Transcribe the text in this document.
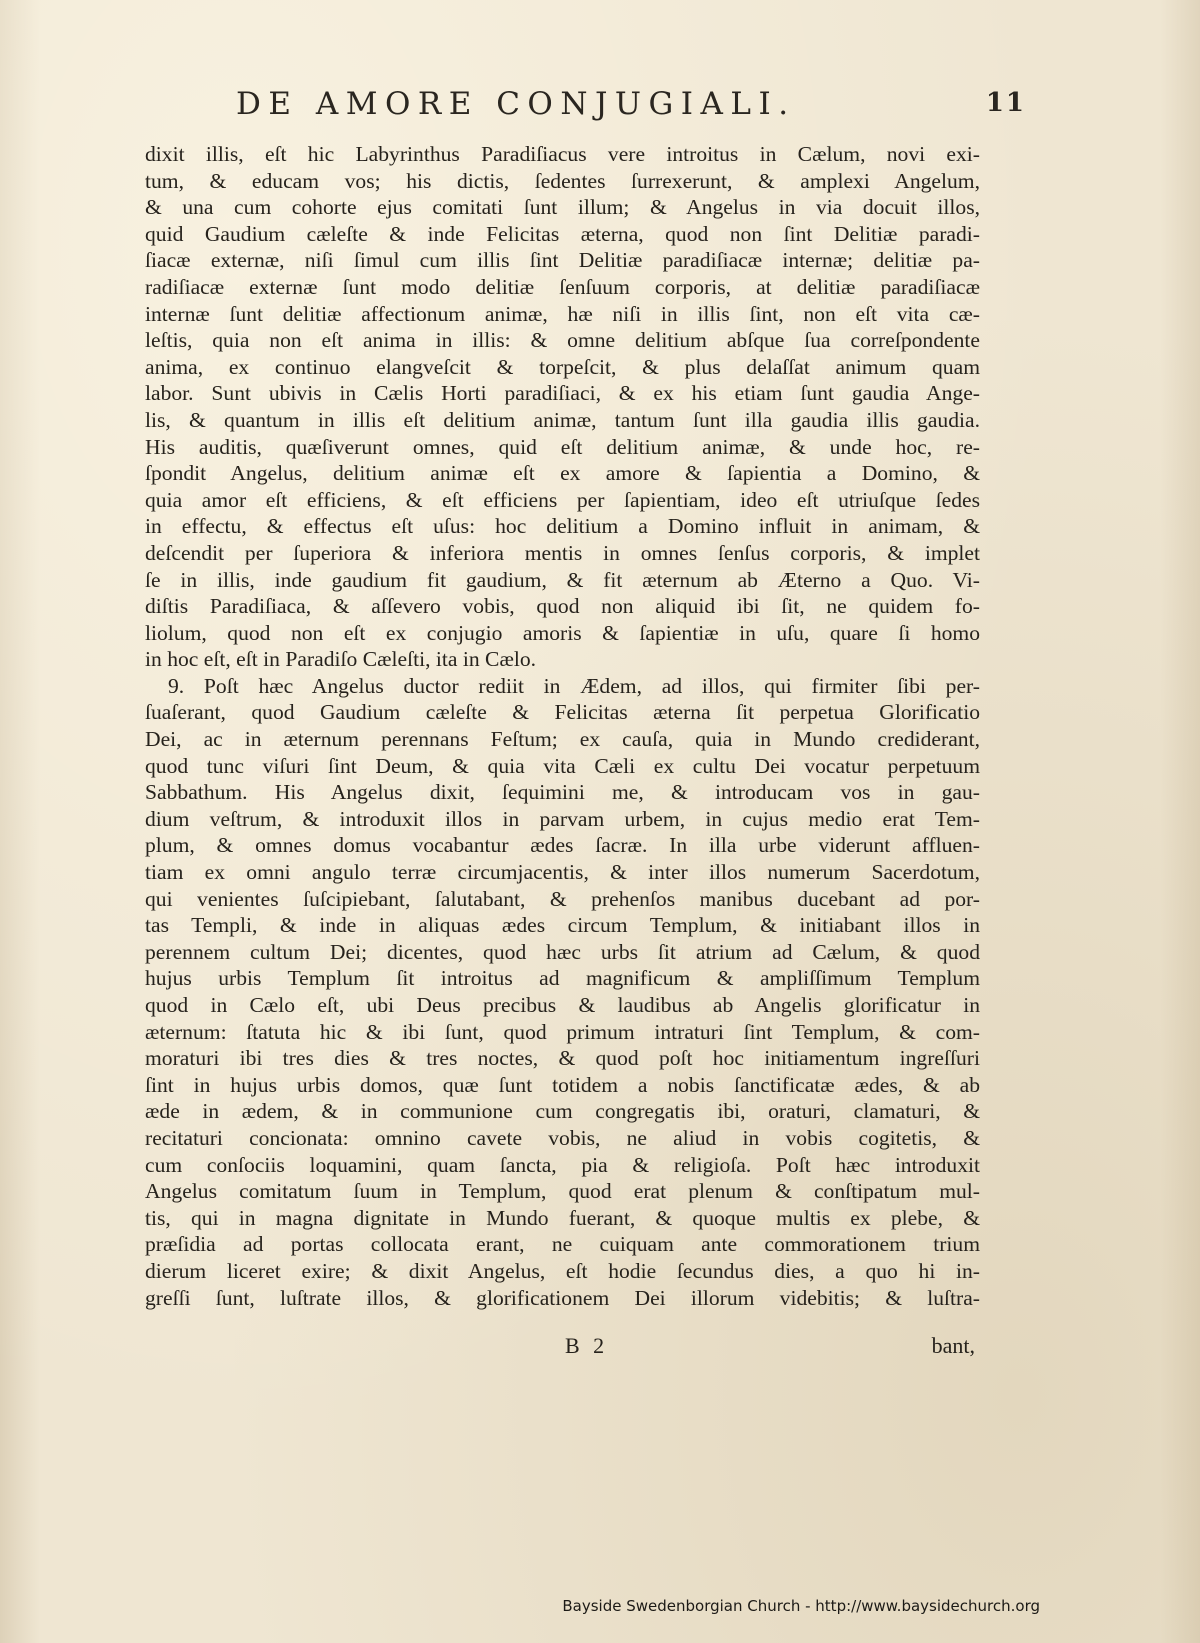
DE AMORE CONJUGIALI.	11
dixit illis, eſt hic Labyrinthus Paradiſiacus vere introitus in Cælum, novi exi-
tum, & educam vos; his dictis, ſedentes ſurrexerunt, & amplexi Angelum,
& una cum cohorte ejus comitati ſunt illum; & Angelus in via docuit illos,
quid Gaudium cæleſte & inde Felicitas æterna, quod non ſint Delitiæ paradi-
ſiacæ externæ, niſi ſimul cum illis ſint Delitiæ paradiſiacæ internæ; delitiæ pa-
radiſiacæ externæ ſunt modo delitiæ ſenſuum corporis, at delitiæ paradiſiacæ
internæ ſunt delitiæ affectionum animæ, hæ niſi in illis ſint, non eſt vita cæ-
leſtis, quia non eſt anima in illis: & omne delitium abſque ſua correſpondente
anima, ex continuo elangveſcit & torpeſcit, & plus delaſſat animum quam
labor. Sunt ubivis in Cælis Horti paradiſiaci, & ex his etiam ſunt gaudia Ange-
lis, & quantum in illis eſt delitium animæ, tantum ſunt illa gaudia illis gaudia.
His auditis, quæſiverunt omnes, quid eſt delitium animæ, & unde hoc, re-
ſpondit Angelus, delitium animæ eſt ex amore & ſapientia a Domino, &
quia amor eſt efficiens, & eſt efficiens per ſapientiam, ideo eſt utriuſque ſedes
in effectu, & effectus eſt uſus: hoc delitium a Domino influit in animam, &
deſcendit per ſuperiora & inferiora mentis in omnes ſenſus corporis, & implet
ſe in illis, inde gaudium fit gaudium, & fit æternum ab Æterno a Quo. Vi-
diſtis Paradiſiaca, & aſſevero vobis, quod non aliquid ibi ſit, ne quidem fo-
liolum, quod non eſt ex conjugio amoris & ſapientiæ in uſu, quare ſi homo
in hoc eſt, eſt in Paradiſo Cæleſti, ita in Cælo.
9. Poſt hæc Angelus ductor rediit in Ædem, ad illos, qui firmiter ſibi per-
ſuaſerant, quod Gaudium cæleſte & Felicitas æterna ſit perpetua Glorificatio
Dei, ac in æternum perennans Feſtum; ex cauſa, quia in Mundo crediderant,
quod tunc viſuri ſint Deum, & quia vita Cæli ex cultu Dei vocatur perpetuum
Sabbathum. His Angelus dixit, ſequimini me, & introducam vos in gau-
dium veſtrum, & introduxit illos in parvam urbem, in cujus medio erat Tem-
plum, & omnes domus vocabantur ædes ſacræ. In illa urbe viderunt affluen-
tiam ex omni angulo terræ circumjacentis, & inter illos numerum Sacerdotum,
qui venientes ſuſcipiebant, ſalutabant, & prehenſos manibus ducebant ad por-
tas Templi, & inde in aliquas ædes circum Templum, & initiabant illos in
perennem cultum Dei; dicentes, quod hæc urbs ſit atrium ad Cælum, & quod
hujus urbis Templum ſit introitus ad magnificum & ampliſſimum Templum
quod in Cælo eſt, ubi Deus precibus & laudibus ab Angelis glorificatur in
æternum: ſtatuta hic & ibi ſunt, quod primum intraturi ſint Templum, & com-
moraturi ibi tres dies & tres noctes, & quod poſt hoc initiamentum ingreſſuri
ſint in hujus urbis domos, quæ ſunt totidem a nobis ſanctificatæ ædes, & ab
æde in ædem, & in communione cum congregatis ibi, oraturi, clamaturi, &
recitaturi concionata: omnino cavete vobis, ne aliud in vobis cogitetis, &
cum conſociis loquamini, quam ſancta, pia & religioſa. Poſt hæc introduxit
Angelus comitatum ſuum in Templum, quod erat plenum & conſtipatum mul-
tis, qui in magna dignitate in Mundo fuerant, & quoque multis ex plebe, &
præſidia ad portas collocata erant, ne cuiquam ante commorationem trium
dierum liceret exire; & dixit Angelus, eſt hodie ſecundus dies, a quo hi in-
greſſi ſunt, luſtrate illos, & glorificationem Dei illorum videbitis; & luſtra-
B 2	bant,
Bayside Swedenborgian Church - http://www.baysidechurch.org
